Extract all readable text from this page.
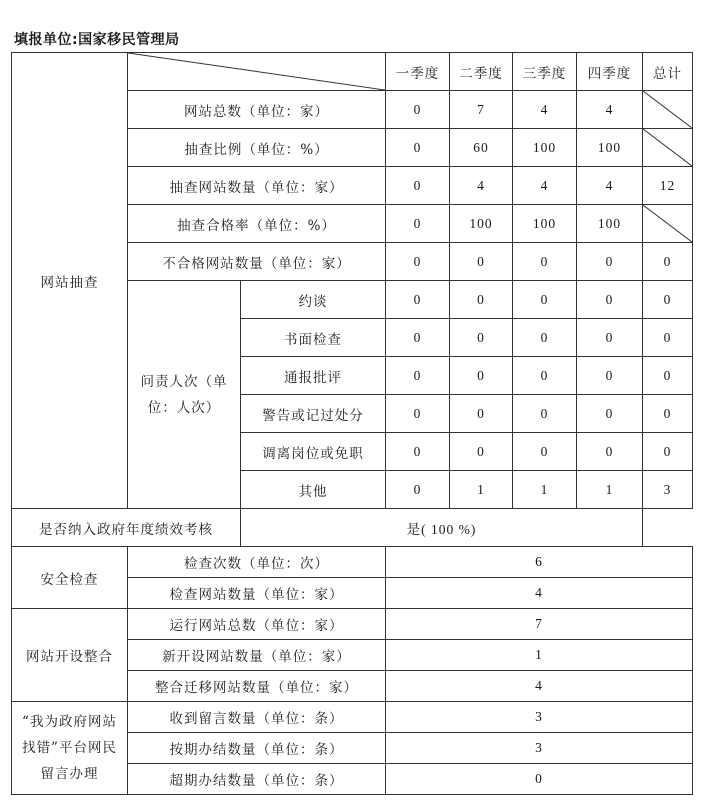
填报单位:国家移民管理局
网站抽查			一季度	二季度	三季度	四季度	总计
	网站总数（单位：家）		0	7	4	4	

	抽查比例（单位：%）		0	60	100	100	

	抽查网站数量（单位：家）		0	4	4	4	12
	抽查合格率（单位：%）		0	100	100	100	

	不合格网站数量（单位：家）		0	0	0	0	0
	问责人次（单位：人次）	约谈	0	0	0	0	0
		书面检查	0	0	0	0	0
		通报批评	0	0	0	0	0
		警告或记过处分	0	0	0	0	0
		调离岗位或免职	0	0	0	0	0
		其他	0	1	1	1	3
是否纳入政府年度绩效考核		是( 100 %)					
安全检查	检查次数（单位：次）		6				
	检查网站数量（单位：家）		4				
网站开设整合	运行网站总数（单位：家）		7				
	新开设网站数量（单位：家）		1				
	整合迁移网站数量（单位：家）		4				
“我为政府网站找错”平台网民留言办理	收到留言数量（单位：条）		3				
	按期办结数量（单位：条）		3				
	超期办结数量（单位：条）		0				
